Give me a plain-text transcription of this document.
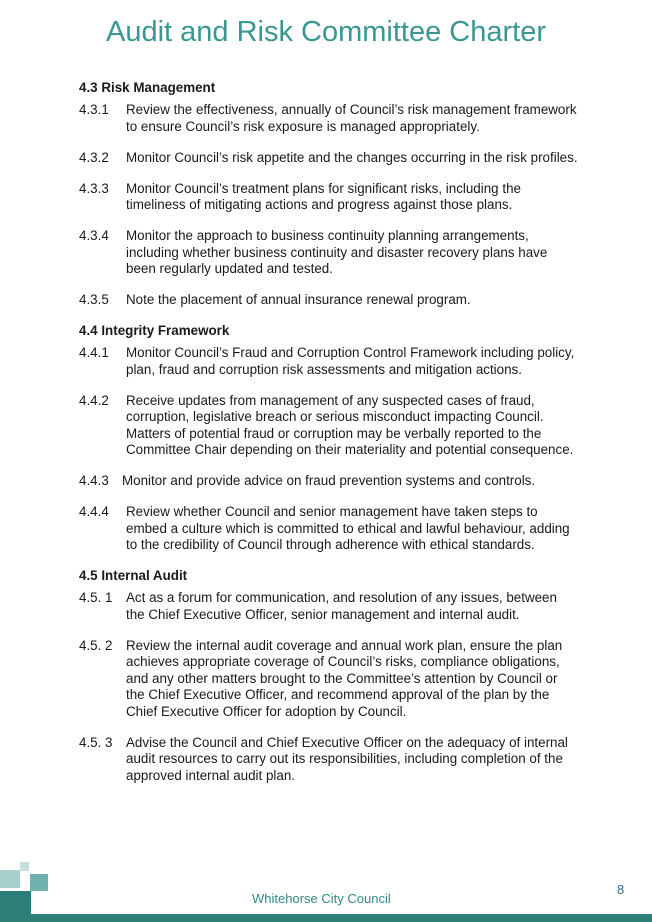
Audit and Risk Committee Charter
4.3 Risk Management
4.3.1	Review the effectiveness, annually of Council’s risk management framework to ensure Council’s risk exposure is managed appropriately.
4.3.2	Monitor Council’s risk appetite and the changes occurring in the risk profiles.
4.3.3	Monitor Council’s treatment plans for significant risks, including the timeliness of mitigating actions and progress against those plans.
4.3.4	Monitor the approach to business continuity planning arrangements, including whether business continuity and disaster recovery plans have been regularly updated and tested.
4.3.5	Note the placement of annual insurance renewal program.
4.4 Integrity Framework
4.4.1	Monitor Council’s Fraud and Corruption Control Framework including policy, plan, fraud and corruption risk assessments and mitigation actions.
4.4.2	Receive updates from management of any suspected cases of fraud, corruption, legislative breach or serious misconduct impacting Council. Matters of potential fraud or corruption may be verbally reported to the Committee Chair depending on their materiality and potential consequence.
4.4.3 Monitor and provide advice on fraud prevention systems and controls.
4.4.4	Review whether Council and senior management have taken steps to embed a culture which is committed to ethical and lawful behaviour, adding to the credibility of Council through adherence with ethical standards.
4.5 Internal Audit
4.5. 1	Act as a forum for communication, and resolution of any issues, between the Chief Executive Officer, senior management and internal audit.
4.5. 2	Review the internal audit coverage and annual work plan, ensure the plan achieves appropriate coverage of Council’s risks, compliance obligations, and any other matters brought to the Committee’s attention by Council or the Chief Executive Officer, and recommend approval of the plan by the Chief Executive Officer for adoption by Council.
4.5. 3	Advise the Council and Chief Executive Officer on the adequacy of internal audit resources to carry out its responsibilities, including completion of the approved internal audit plan.
Whitehorse City Council
8
